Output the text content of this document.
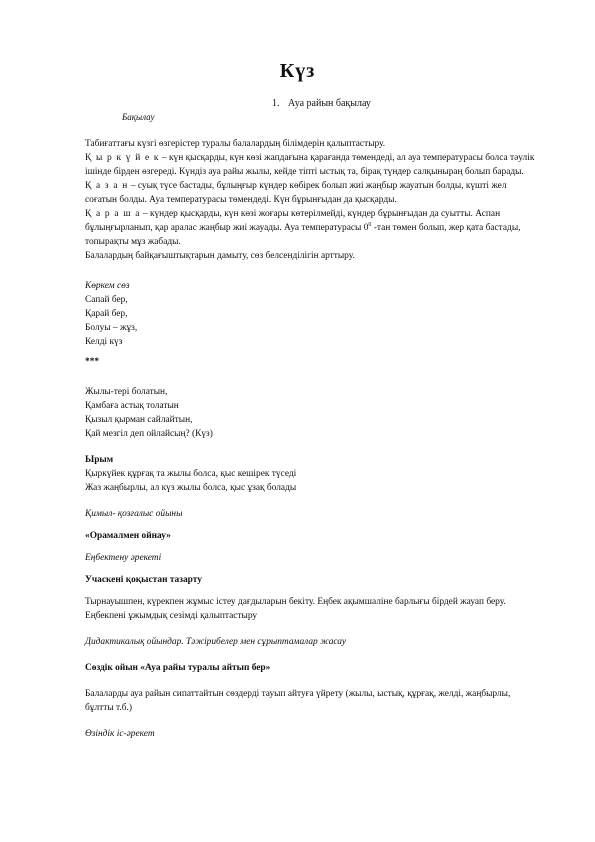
Күз
1. Ауа райын бақылау
Бақылау

Табиғаттағы күзгі өзгерістер туралы балалардың білімдерін қалыптастыру.

Қ ы р к ү й е к – күн қысқарды, күн көзі жапдағына қарағанда төмендеді, ал ауа температурасы болса тәулік ішінде бірден өзгереді. Күндіз ауа райы жылы, кейде тіпті ыстық та, бірақ түндер салқыныраң болып барады.

Қ а з а н – суық түсе бастады, бұлыңғыр күндер көбірек болып жиі жаңбыр жауатын болды, күшті жел соғатын болды. Ауа температурасы төмендеді. Күн бұрынғыдан да қысқарды.

Қ а р а ш а – күндер қысқарды, күн көзі жоғары көтерілмейді, күндер бұрынғыдан да суытты. Аспан бұлыңғырланып, қар аралас жаңбыр жиі жауады. Ауа температурасы $0^0$ -тан төмен болып, жер қата бастады, топырақты мұз жабады.

Балалардың байқағыштықтарын дамыту, сөз белсенділігін арттыру.

Көркем сөз

Сапай бер,

Қарай бер,

Болуы – жұз,

Келді күз

***

Жылы-тері болатын,

Қамбаға астық толатын

Қызыл қырман сайлайтын,

Қай мезгіл деп ойлайсың? (Күз)

Ырым

Қыркүйек құрғақ та жылы болса, қыс кешірек түседі

Жаз жаңбырлы, ал күз жылы болса, қыс ұзақ болады

Қимыл- қозғалыс ойыны

«Орамалмен ойнау»

Еңбектену әрекеті

Учаскені қоқыстан тазарту

Тырнауышпен, күрекпен жұмыс істеу дағдыларын бекіту. Еңбек ақымшаліне барлығы бірдей жауап беру. Еңбекпені ұжымдық сезімді қалыптастыру

Дидактикалық ойындар. Тәжірибелер мен сұрыптамалар жасау

Сөздік ойын «Ауа райы туралы айтып бер»

Балаларды ауа райын сипаттайтын сөздерді тауып айтуға үйрету (жылы, ыстық, құрғақ, желді, жаңбырлы, бұлтты т.б.)

Өзіндік іс-әрекет
